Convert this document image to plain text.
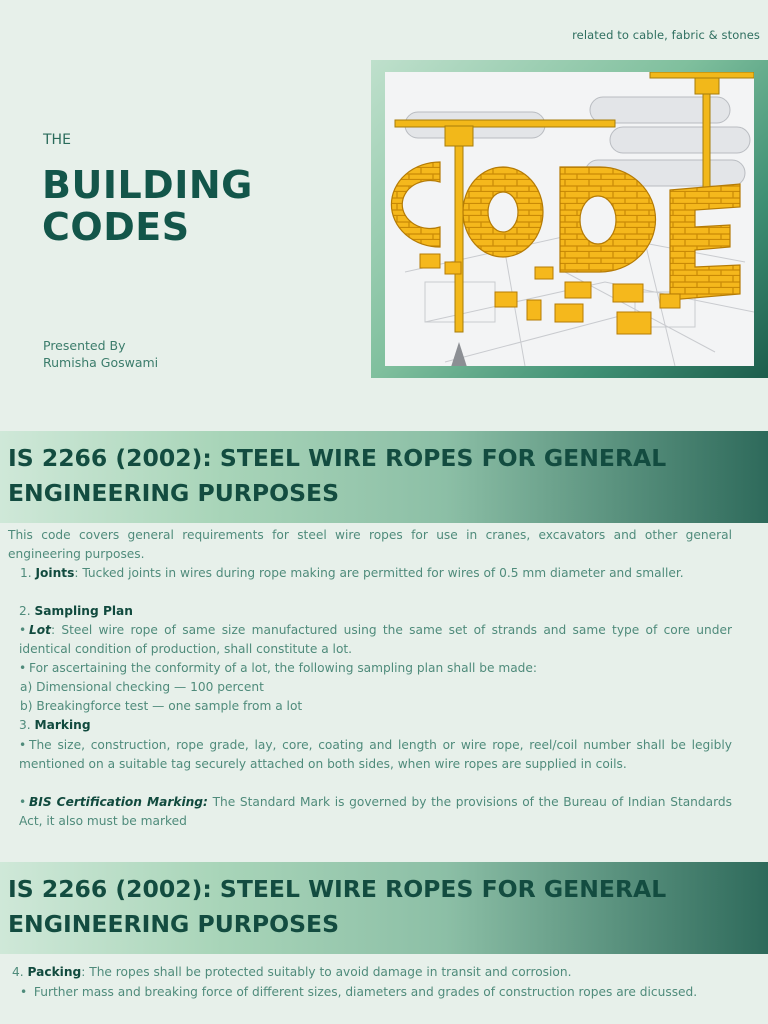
related to cable, fabric & stones
THE
BUILDING
CODES
Presented By
Rumisha Goswami
IS 2266 (2002): STEEL WIRE ROPES FOR GENERAL ENGINEERING PURPOSES
This code covers general requirements for steel wire ropes for use in cranes, excavators and other general engineering purposes.
1. Joints: Tucked joints in wires during rope making are permitted for wires of 0.5 mm diameter and smaller.
2. Sampling Plan
• Lot: Steel wire rope of same size manufactured using the same set of strands and same type of core under identical condition of production, shall constitute a lot.
• For ascertaining the conformity of a lot, the following sampling plan shall be made:
a) Dimensional checking — 100 percent
b) Breakingforce test — one sample from a lot
3. Marking
• The size, construction, rope grade, lay, core, coating and length or wire rope, reel/coil number shall be legibly mentioned on a suitable tag securely attached on both sides, when wire ropes are supplied in coils.
• BIS Certification Marking: The Standard Mark is governed by the provisions of the Bureau of Indian Standards Act, it also must be marked
IS 2266 (2002): STEEL WIRE ROPES FOR GENERAL ENGINEERING PURPOSES
4. Packing: The ropes shall be protected suitably to avoid damage in transit and corrosion.
• Further mass and breaking force of different sizes, diameters and grades of construction ropes are dicussed.
